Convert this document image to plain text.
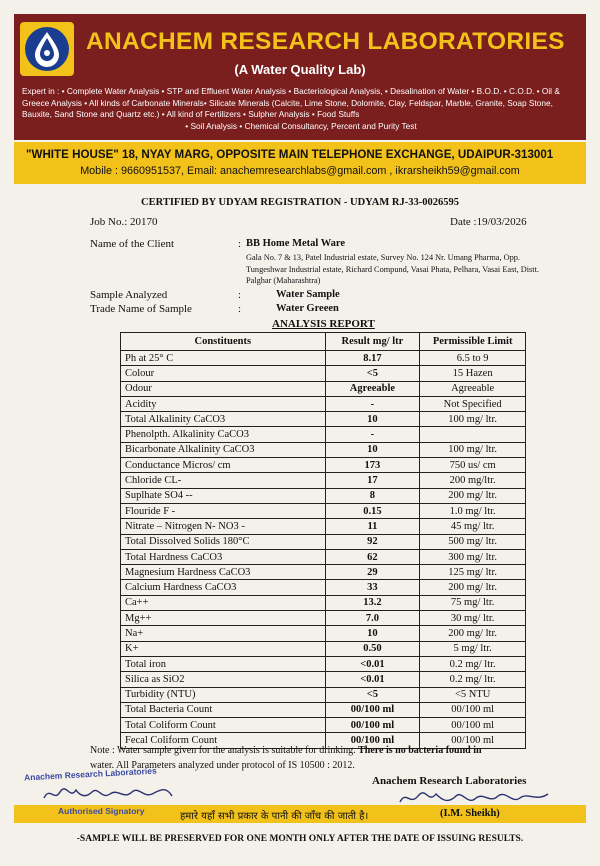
ANACHEM RESEARCH LABORATORIES
(A Water Quality Lab)
Expert in : • Complete Water Analysis • STP and Effluent Water Analysis • Bacteriological Analysis, • Desalination of Water • B.O.D. • C.O.D. • Oil & Greece Analysis • All kinds of Carbonate Minerals• Silicate Minerals (Calcite, Lime Stone, Dolomite, Clay, Feldspar, Marble, Granite, Soap Stone, Bauxite, Sand Stone and Quartz etc.) • All kind of Fertilizers • Sulpher Analysis • Food Stuffs
• Soil Analysis • Chemical Consultancy, Percent and Purity Test
"WHITE HOUSE" 18, NYAY MARG, OPPOSITE MAIN TELEPHONE EXCHANGE, UDAIPUR-313001
Mobile : 9660951537, Email: anachemresearchlabs@gmail.com , ikrarsheikh59@gmail.com
CERTIFIED BY UDYAM REGISTRATION - UDYAM RJ-33-0026595
Job No.: 20170	Date :19/03/2026
Name of the Client	: BB Home Metal Ware
Gala No. 7 & 13, Patel Industrial estate, Survey No. 124 Nr. Umang Pharma, Opp. Tungeshwar Industrial estate, Richard Compund, Vasai Phata, Pelhara, Vasai East, Distt. Palghar (Maharashtra)
Sample Analyzed	:	Water Sample
Trade Name of Sample	:	Water Greeen
ANALYSIS REPORT
Constituents	Result mg/ ltr	Permissible Limit
Ph at 25° C	8.17	6.5 to 9
Colour	<5	15 Hazen
Odour	Agreeable	Agreeable
Acidity	-	Not Specified
Total Alkalinity CaCO3	10	100 mg/ ltr.
Phenolpth. Alkalinity CaCO3	-	
Bicarbonate Alkalinity CaCO3	10	100 mg/ ltr.
Conductance Micros/ cm	173	750 us/ cm
Chloride CL-	17	200 mg/ltr.
Suplhate SO4 --	8	200 mg/ ltr.
Flouride F -	0.15	1.0 mg/ ltr.
Nitrate – Nitrogen N- NO3 -	11	45 mg/ ltr.
Total Dissolved Solids 180°C	92	500 mg/ ltr.
Total Hardness CaCO3	62	300 mg/ ltr.
Magnesium Hardness CaCO3	29	125 mg/ ltr.
Calcium Hardness CaCO3	33	200 mg/ ltr.
Ca++	13.2	75 mg/ ltr.
Mg++	7.0	30 mg/ ltr.
Na+	10	200 mg/ ltr.
K+	0.50	5 mg/ ltr.
Total iron	<0.01	0.2 mg/ ltr.
Silica as SiO2	<0.01	0.2 mg/ ltr.
Turbidity (NTU)	<5	<5 NTU
Total Bacteria Count	00/100 ml	00/100 ml
Total Coliform Count	00/100 ml	00/100 ml
Fecal Coliform Count	00/100 ml	00/100 ml
Note : Water sample given for the analysis is suitable for drinking. There is no bacteria found in
water. All Parameters analyzed under protocol of IS 10500 : 2012.
हमारे यहाँ सभी प्रकार के पानी की जाँच की जाती है।
Anachem Research Laboratories
Authorised Signatory
Anachem Research Laboratories
(I.M. Sheikh)
-SAMPLE WILL BE PRESERVED FOR ONE MONTH ONLY AFTER THE DATE OF ISSUING RESULTS.
